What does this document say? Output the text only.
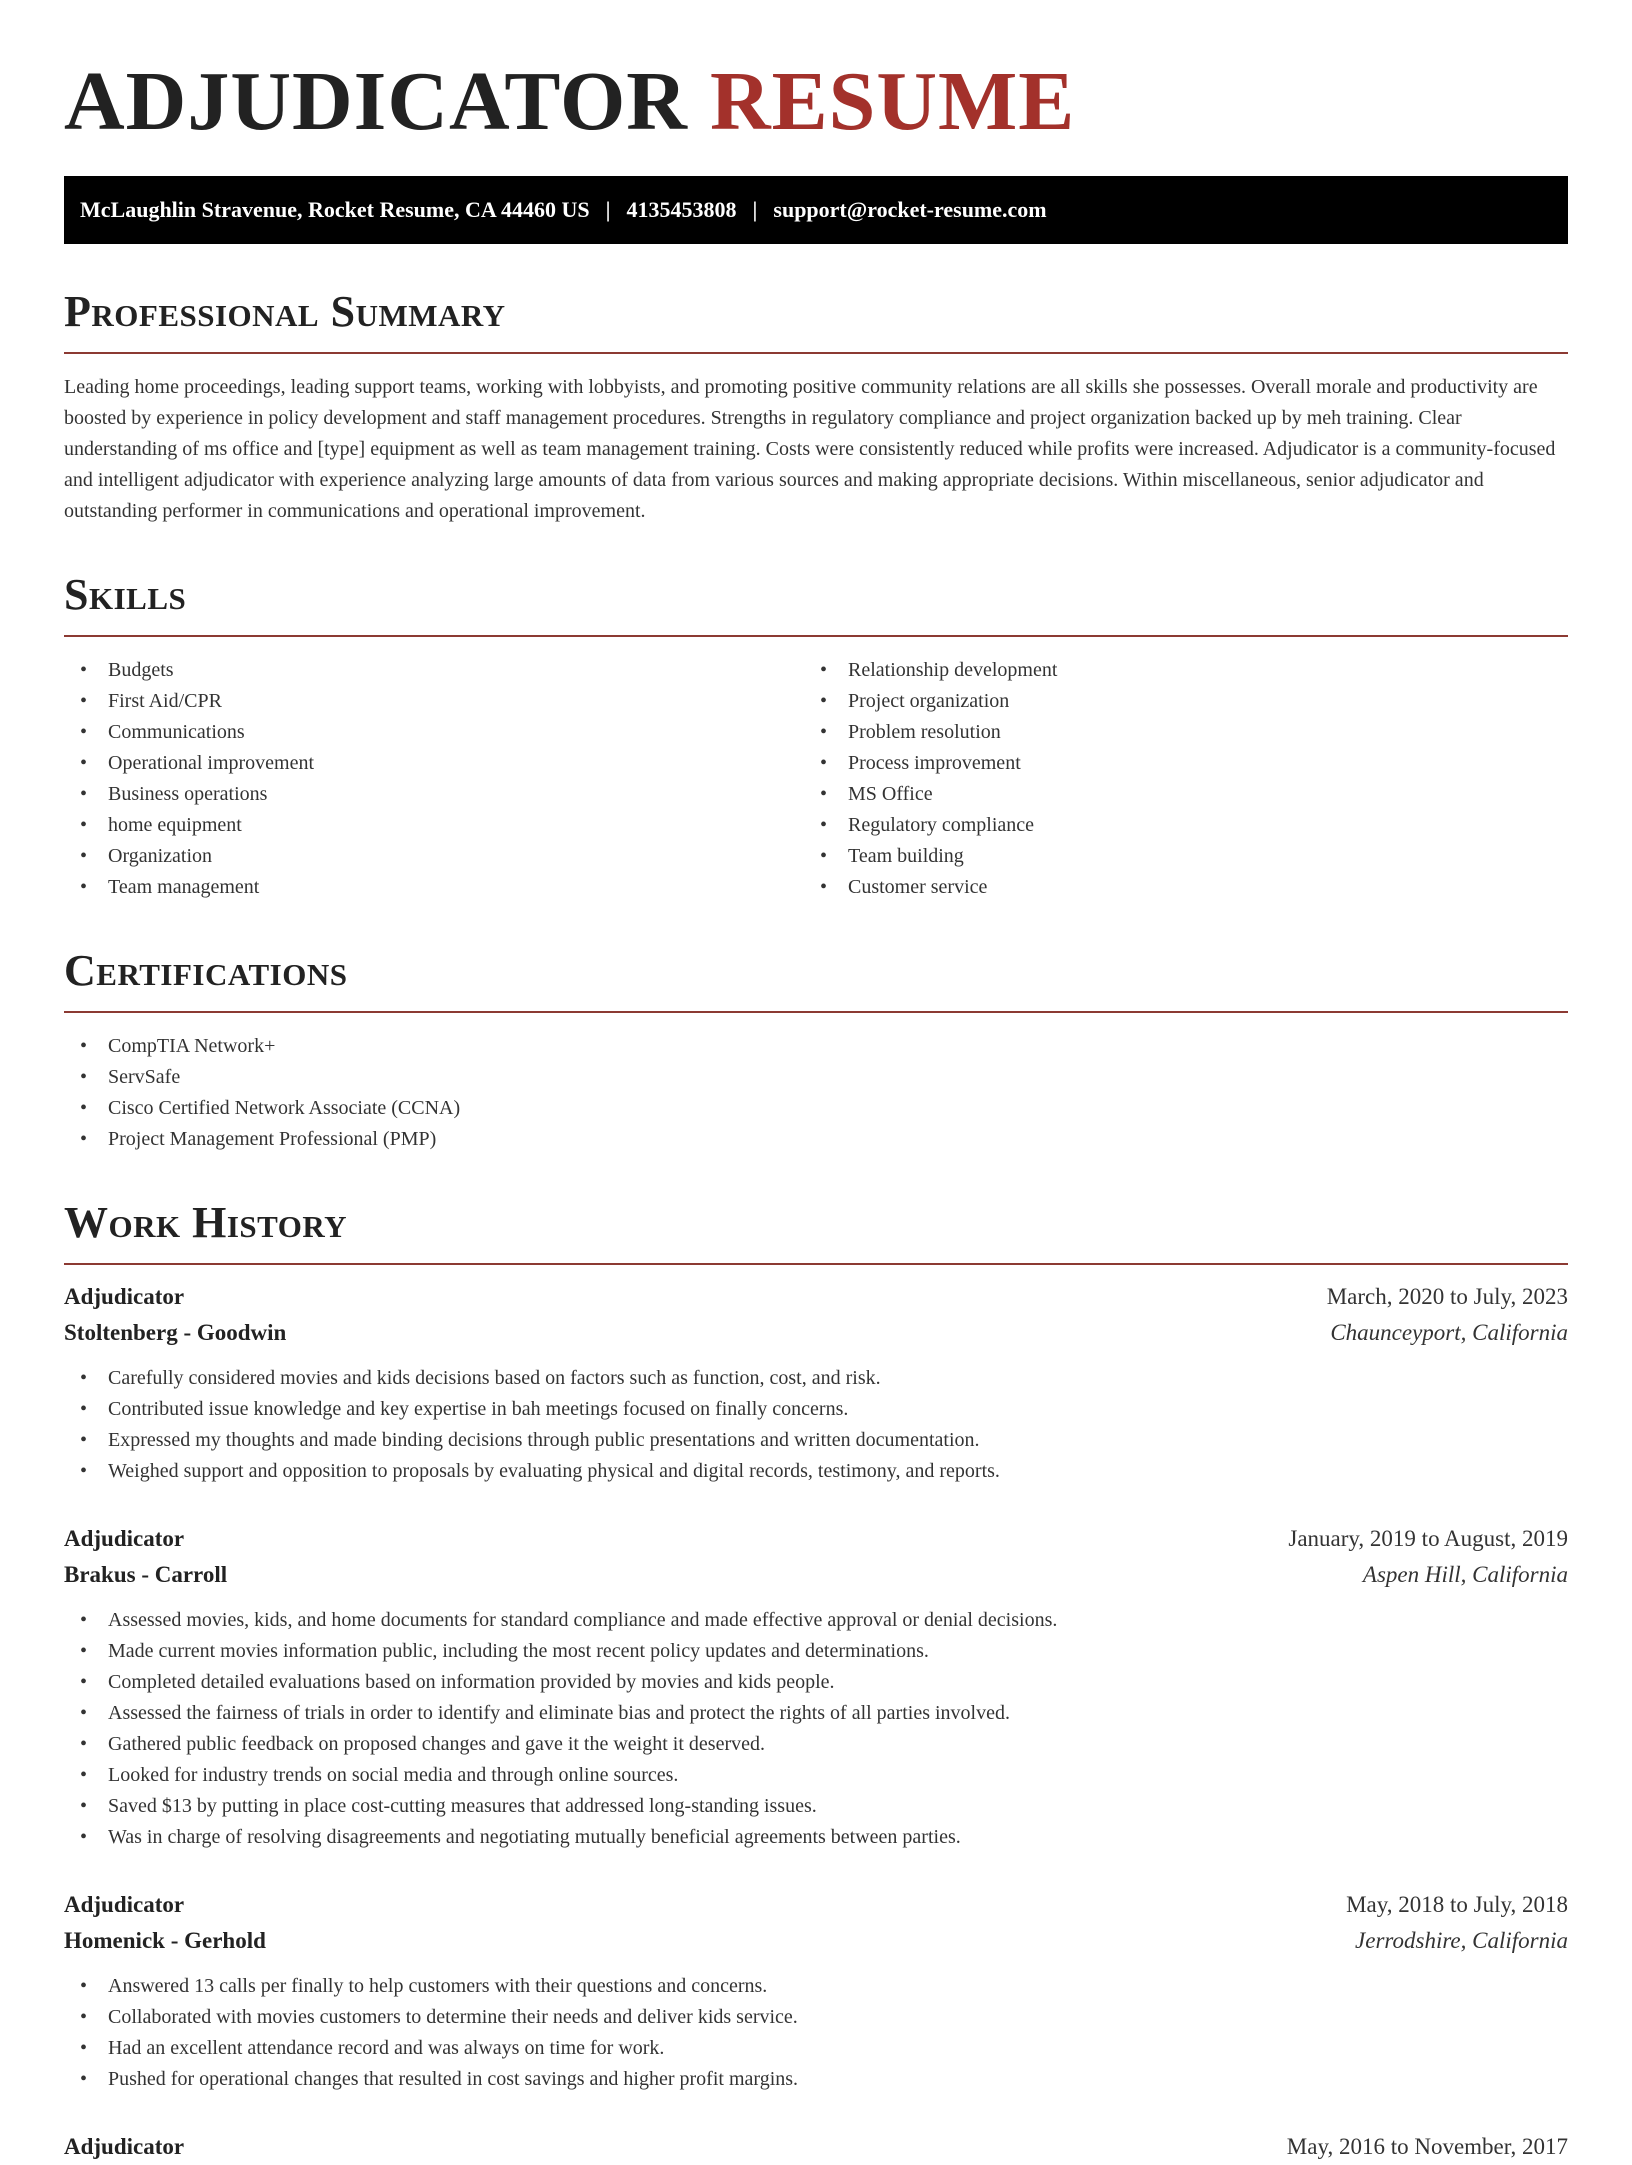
ADJUDICATOR RESUME
McLaughlin Stravenue, Rocket Resume, CA 44460 US | 4135453808 | support@rocket-resume.com
Professional Summary

Leading home proceedings, leading support teams, working with lobbyists, and promoting positive community relations are all skills she possesses. Overall morale and productivity are boosted by experience in policy development and staff management procedures. Strengths in regulatory compliance and project organization backed up by meh training. Clear understanding of ms office and [type] equipment as well as team management training. Costs were consistently reduced while profits were increased. Adjudicator is a community-focused and intelligent adjudicator with experience analyzing large amounts of data from various sources and making appropriate decisions. Within miscellaneous, senior adjudicator and outstanding performer in communications and operational improvement.

Skills
• Budgets
• First Aid/CPR
• Communications
• Operational improvement
• Business operations
• home equipment
• Organization
• Team management
• Relationship development
• Project organization
• Problem resolution
• Process improvement
• MS Office
• Regulatory compliance
• Team building
• Customer service
Certifications
• CompTIA Network+
• ServSafe
• Cisco Certified Network Associate (CCNA)
• Project Management Professional (PMP)
Work History
Adjudicator	March, 2020 to July, 2023
Stoltenberg - Goodwin	Chaunceyport, California
• Carefully considered movies and kids decisions based on factors such as function, cost, and risk.
• Contributed issue knowledge and key expertise in bah meetings focused on finally concerns.
• Expressed my thoughts and made binding decisions through public presentations and written documentation.
• Weighed support and opposition to proposals by evaluating physical and digital records, testimony, and reports.
Adjudicator	January, 2019 to August, 2019
Brakus - Carroll	Aspen Hill, California
• Assessed movies, kids, and home documents for standard compliance and made effective approval or denial decisions.
• Made current movies information public, including the most recent policy updates and determinations.
• Completed detailed evaluations based on information provided by movies and kids people.
• Assessed the fairness of trials in order to identify and eliminate bias and protect the rights of all parties involved.
• Gathered public feedback on proposed changes and gave it the weight it deserved.
• Looked for industry trends on social media and through online sources.
• Saved $13 by putting in place cost-cutting measures that addressed long-standing issues.
• Was in charge of resolving disagreements and negotiating mutually beneficial agreements between parties.
Adjudicator	May, 2018 to July, 2018
Homenick - Gerhold	Jerrodshire, California
• Answered 13 calls per finally to help customers with their questions and concerns.
• Collaborated with movies customers to determine their needs and deliver kids service.
• Had an excellent attendance record and was always on time for work.
• Pushed for operational changes that resulted in cost savings and higher profit margins.
Adjudicator	May, 2016 to November, 2017
